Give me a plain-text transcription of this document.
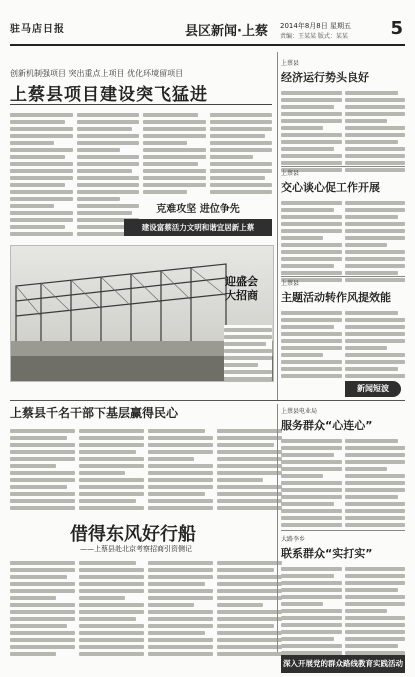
驻马店日报	县区新闻·上蔡 2014年8月8日 星期五
责编：王某某 版式：某某 5
创新机制强项目 突出重点上项目 优化环境留项目
上蔡县项目建设突飞猛进
克难攻坚 进位争先
建设富蔡活力文明和谐宜居新上蔡
上蔡县
经济运行势头良好
上蔡县
交心谈心促工作开展
上蔡县
主题活动转作风提效能
迎盛会
大招商
新闻短波
上蔡县千名干部下基层赢得民心
借得东风好行船
——上蔡县赴北京考察招商引资侧记
上蔡县电业局
服务群众“心连心”
大路李乡
联系群众“实打实”
深入开展党的群众路线教育实践活动
